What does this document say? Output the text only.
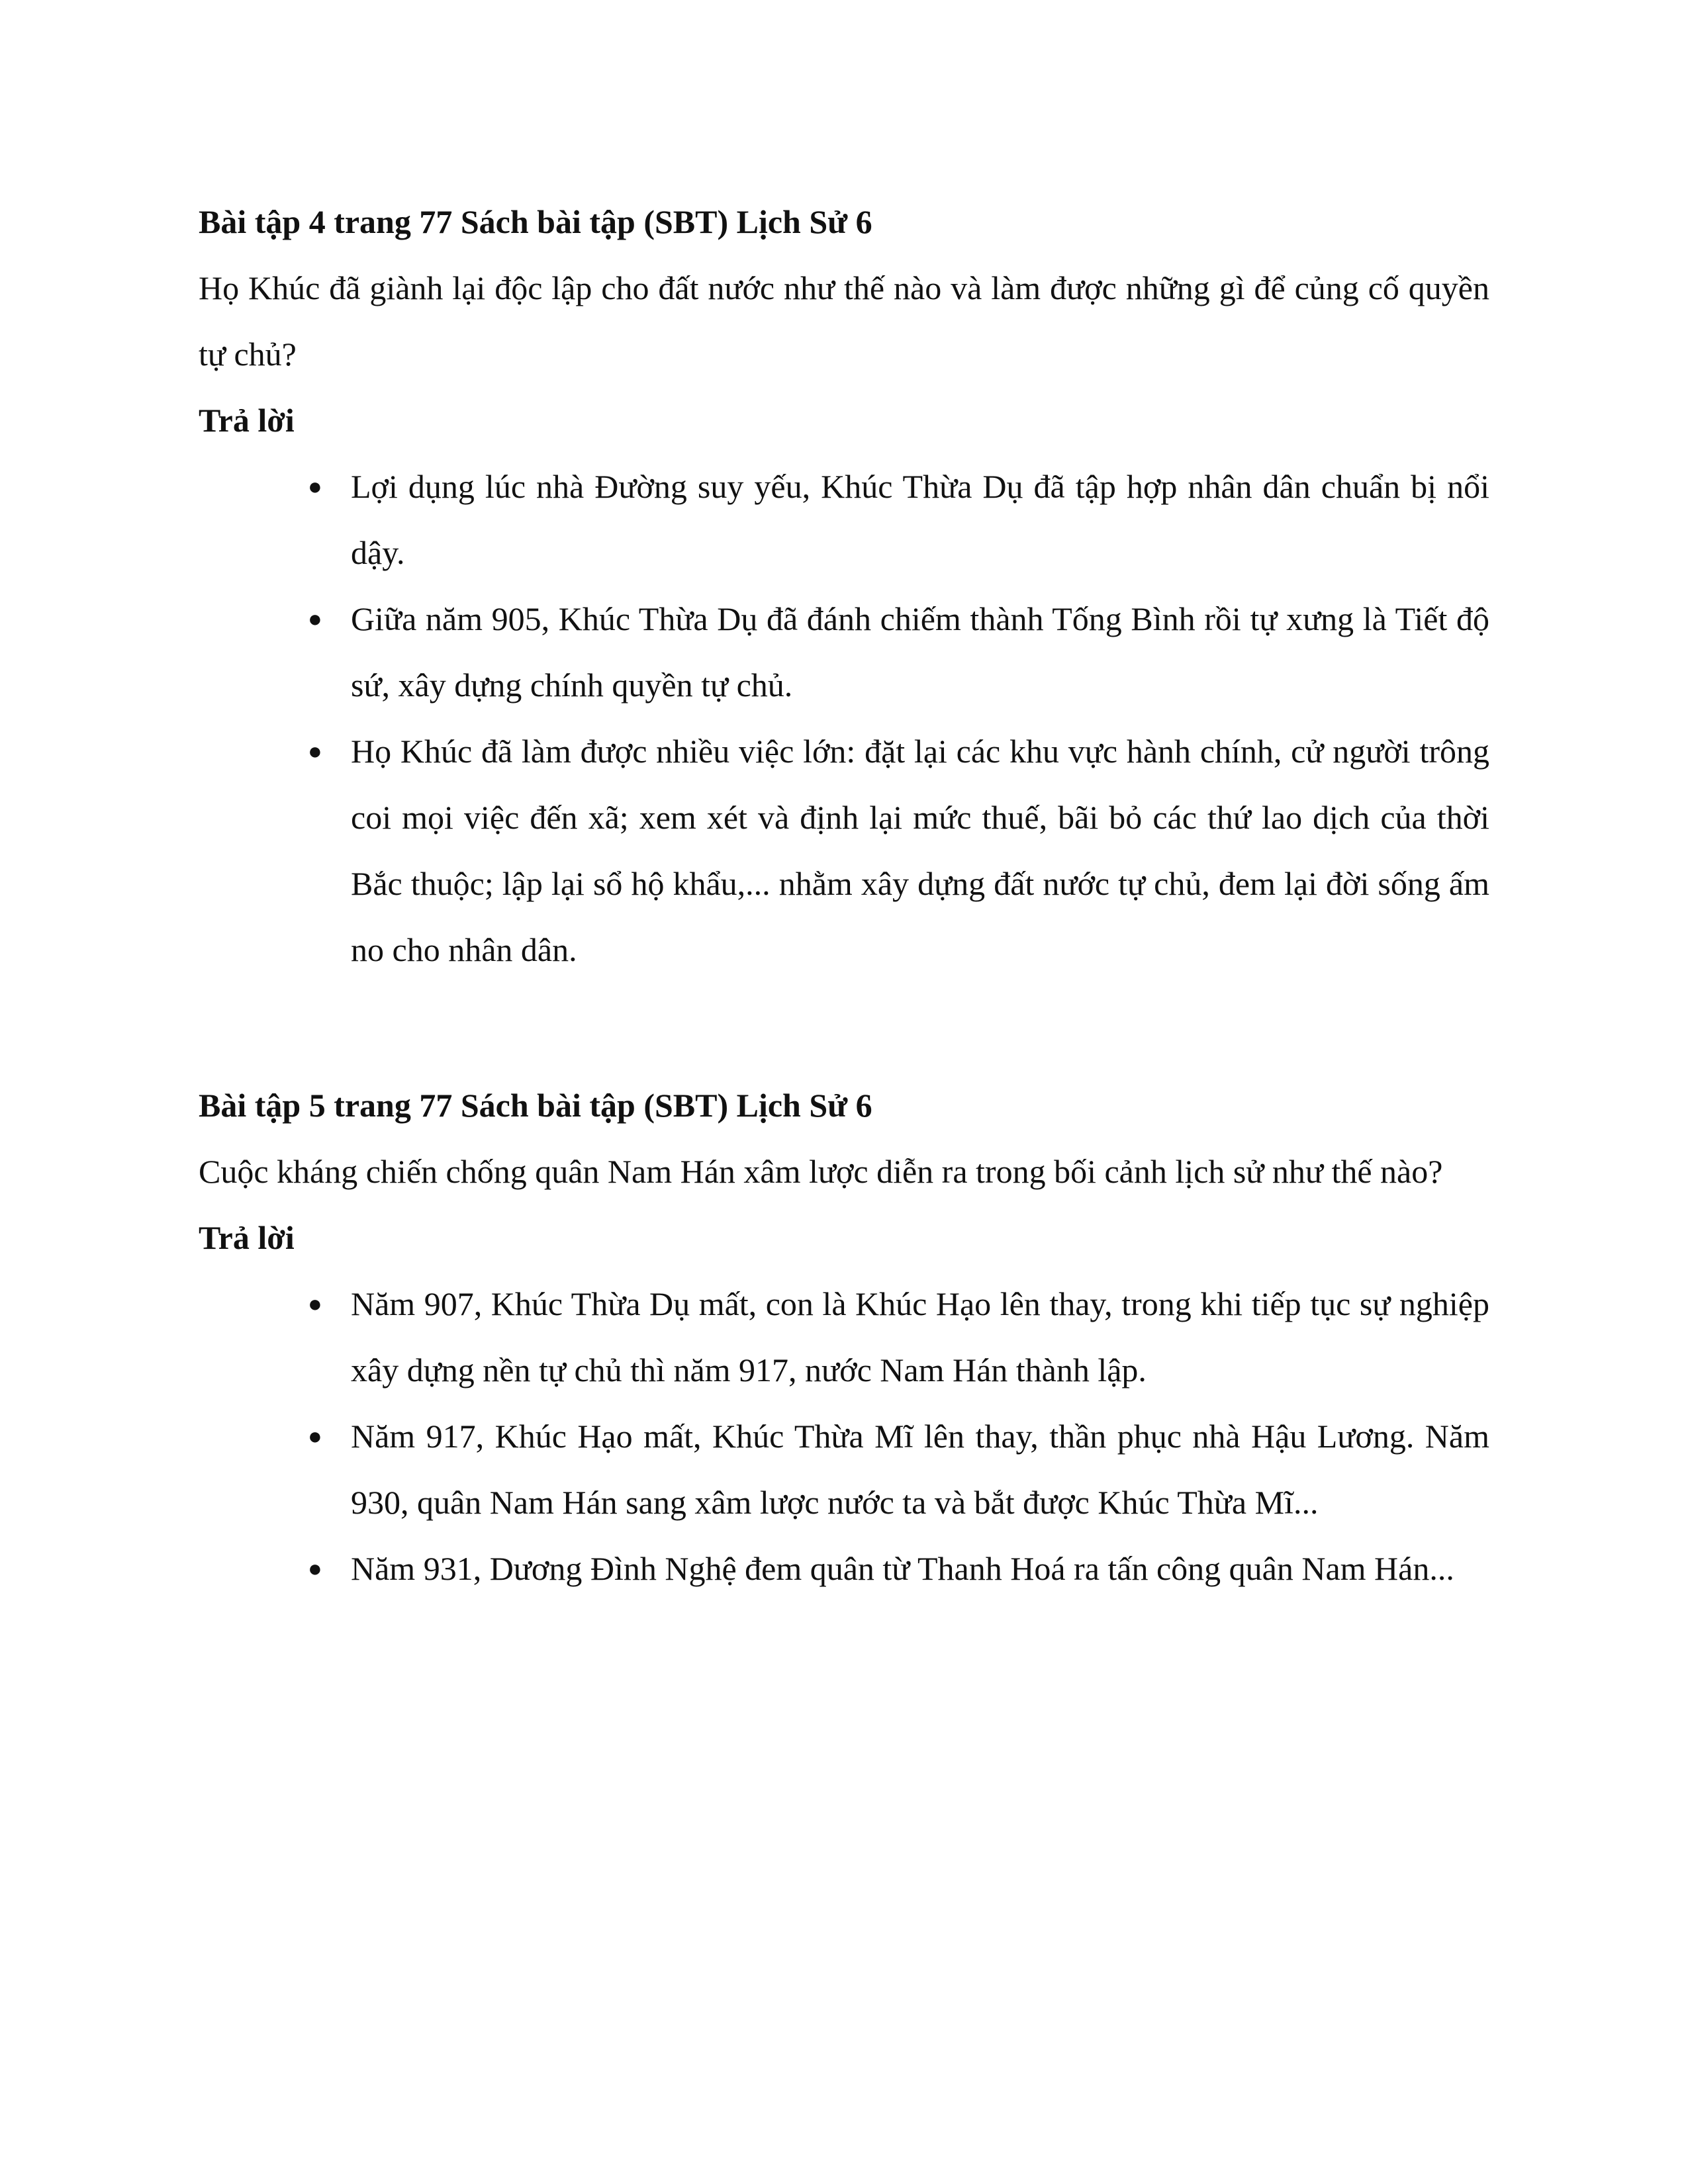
Bài tập 4 trang 77 Sách bài tập (SBT) Lịch Sử 6

Họ Khúc đã giành lại độc lập cho đất nước như thế nào và làm được những gì để củng cố quyền tự chủ?

Trả lời

● Lợi dụng lúc nhà Đường suy yếu, Khúc Thừa Dụ đã tập hợp nhân dân chuẩn bị nổi dậy.
● Giữa năm 905, Khúc Thừa Dụ đã đánh chiếm thành Tống Bình rồi tự xưng là Tiết độ sứ, xây dựng chính quyền tự chủ.
● Họ Khúc đã làm được nhiều việc lớn: đặt lại các khu vực hành chính, cử người trông coi mọi việc đến xã; xem xét và định lại mức thuế, bãi bỏ các thứ lao dịch của thời Bắc thuộc; lập lại sổ hộ khẩu,... nhằm xây dựng đất nước tự chủ, đem lại đời sống ấm no cho nhân dân.

Bài tập 5 trang 77 Sách bài tập (SBT) Lịch Sử 6

Cuộc kháng chiến chống quân Nam Hán xâm lược diễn ra trong bối cảnh lịch sử như thế nào?

Trả lời

● Năm 907, Khúc Thừa Dụ mất, con là Khúc Hạo lên thay, trong khi tiếp tục sự nghiệp xây dựng nền tự chủ thì năm 917, nước Nam Hán thành lập.
● Năm 917, Khúc Hạo mất, Khúc Thừa Mĩ lên thay, thần phục nhà Hậu Lương. Năm 930, quân Nam Hán sang xâm lược nước ta và bắt được Khúc Thừa Mĩ...
● Năm 931, Dương Đình Nghệ đem quân từ Thanh Hoá ra tấn công quân Nam Hán...
